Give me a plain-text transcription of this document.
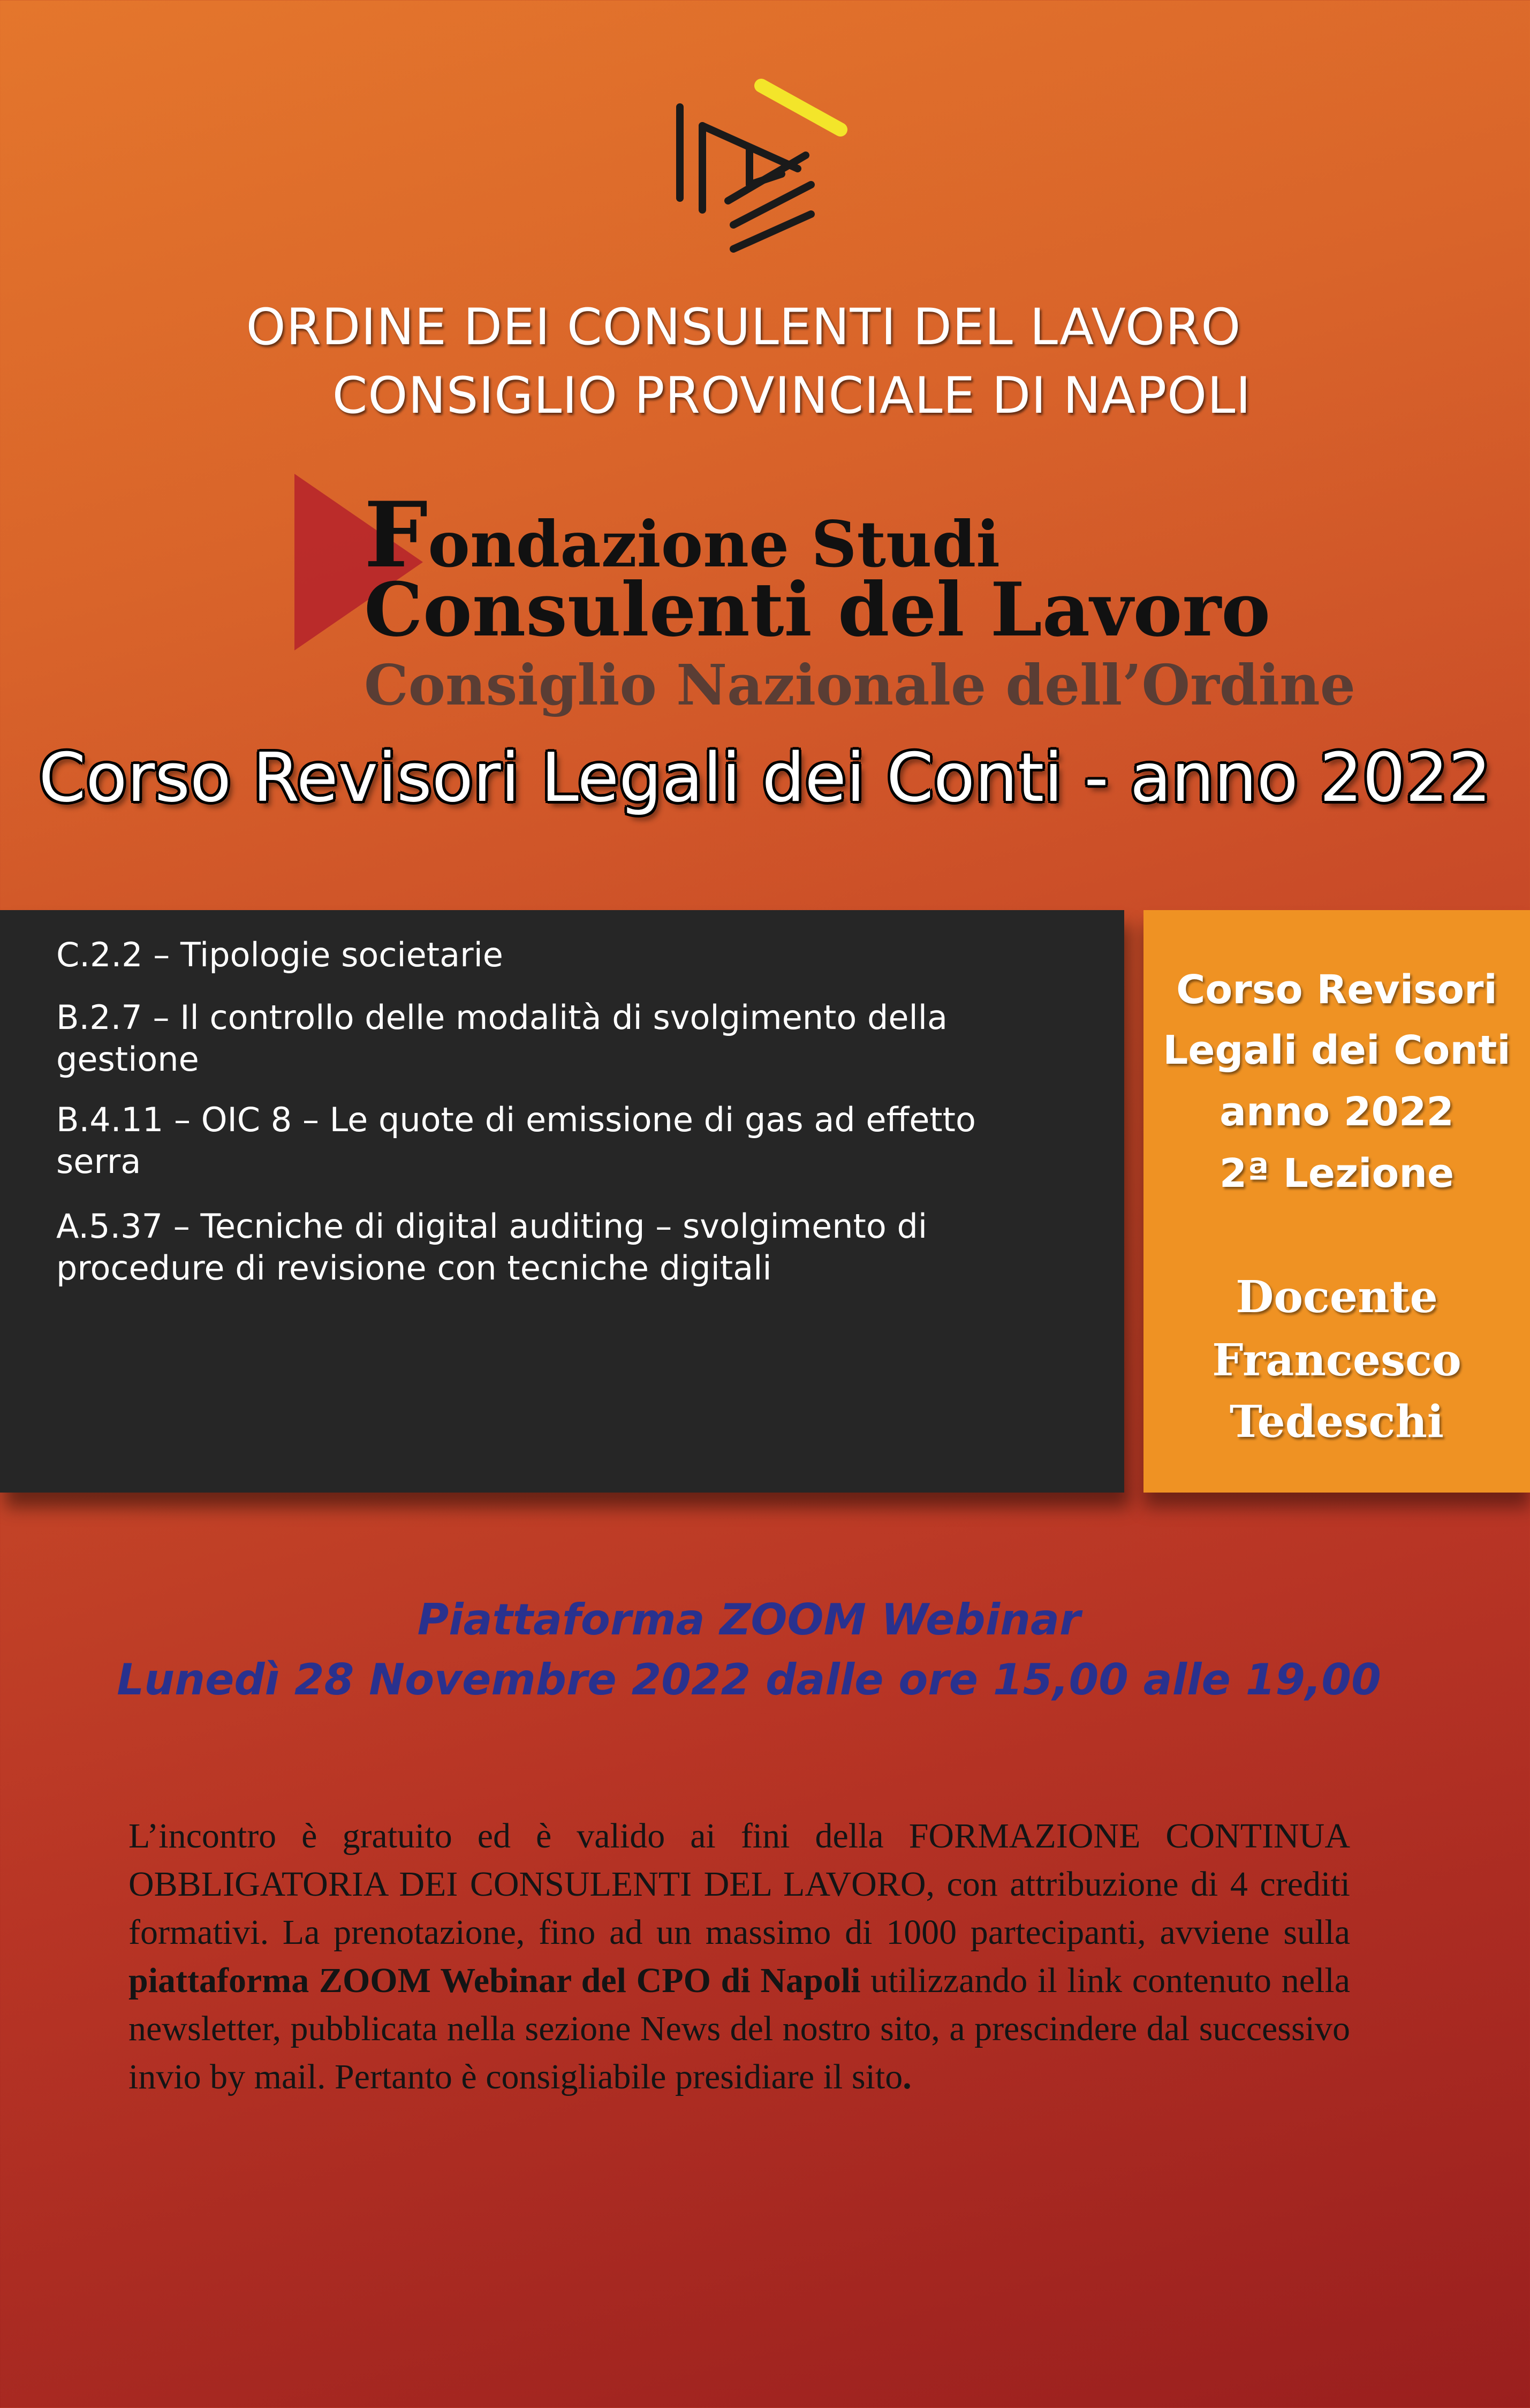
ORDINE DEI CONSULENTI DEL LAVORO
CONSIGLIO PROVINCIALE DI NAPOLI
Fondazione Studi
Consulenti del Lavoro
Consiglio Nazionale dell’Ordine
Corso Revisori Legali dei Conti - anno 2022
C.2.2 – Tipologie societarie
B.2.7 – Il controllo delle modalità di svolgimento della gestione
B.4.11 – OIC 8 – Le quote di emissione di gas ad effetto serra
A.5.37 – Tecniche di digital auditing – svolgimento di procedure di revisione con tecniche digitali
Corso Revisori
Legali dei Conti
anno 2022
2ª Lezione
Docente
Francesco
Tedeschi
Piattaforma ZOOM Webinar
Lunedì 28 Novembre 2022 dalle ore 15,00 alle 19,00
L’incontro è gratuito ed è valido ai fini della FORMAZIONE CONTINUA OBBLIGATORIA DEI CONSULENTI DEL LAVORO, con attribuzione di 4 crediti formativi. La prenotazione, fino ad un massimo di 1000 partecipanti, avviene sulla piattaforma ZOOM Webinar del CPO di Napoli utilizzando il link contenuto nella newsletter, pubblicata nella sezione News del nostro sito, a prescindere dal successivo invio by mail. Pertanto è consigliabile presidiare il sito.
